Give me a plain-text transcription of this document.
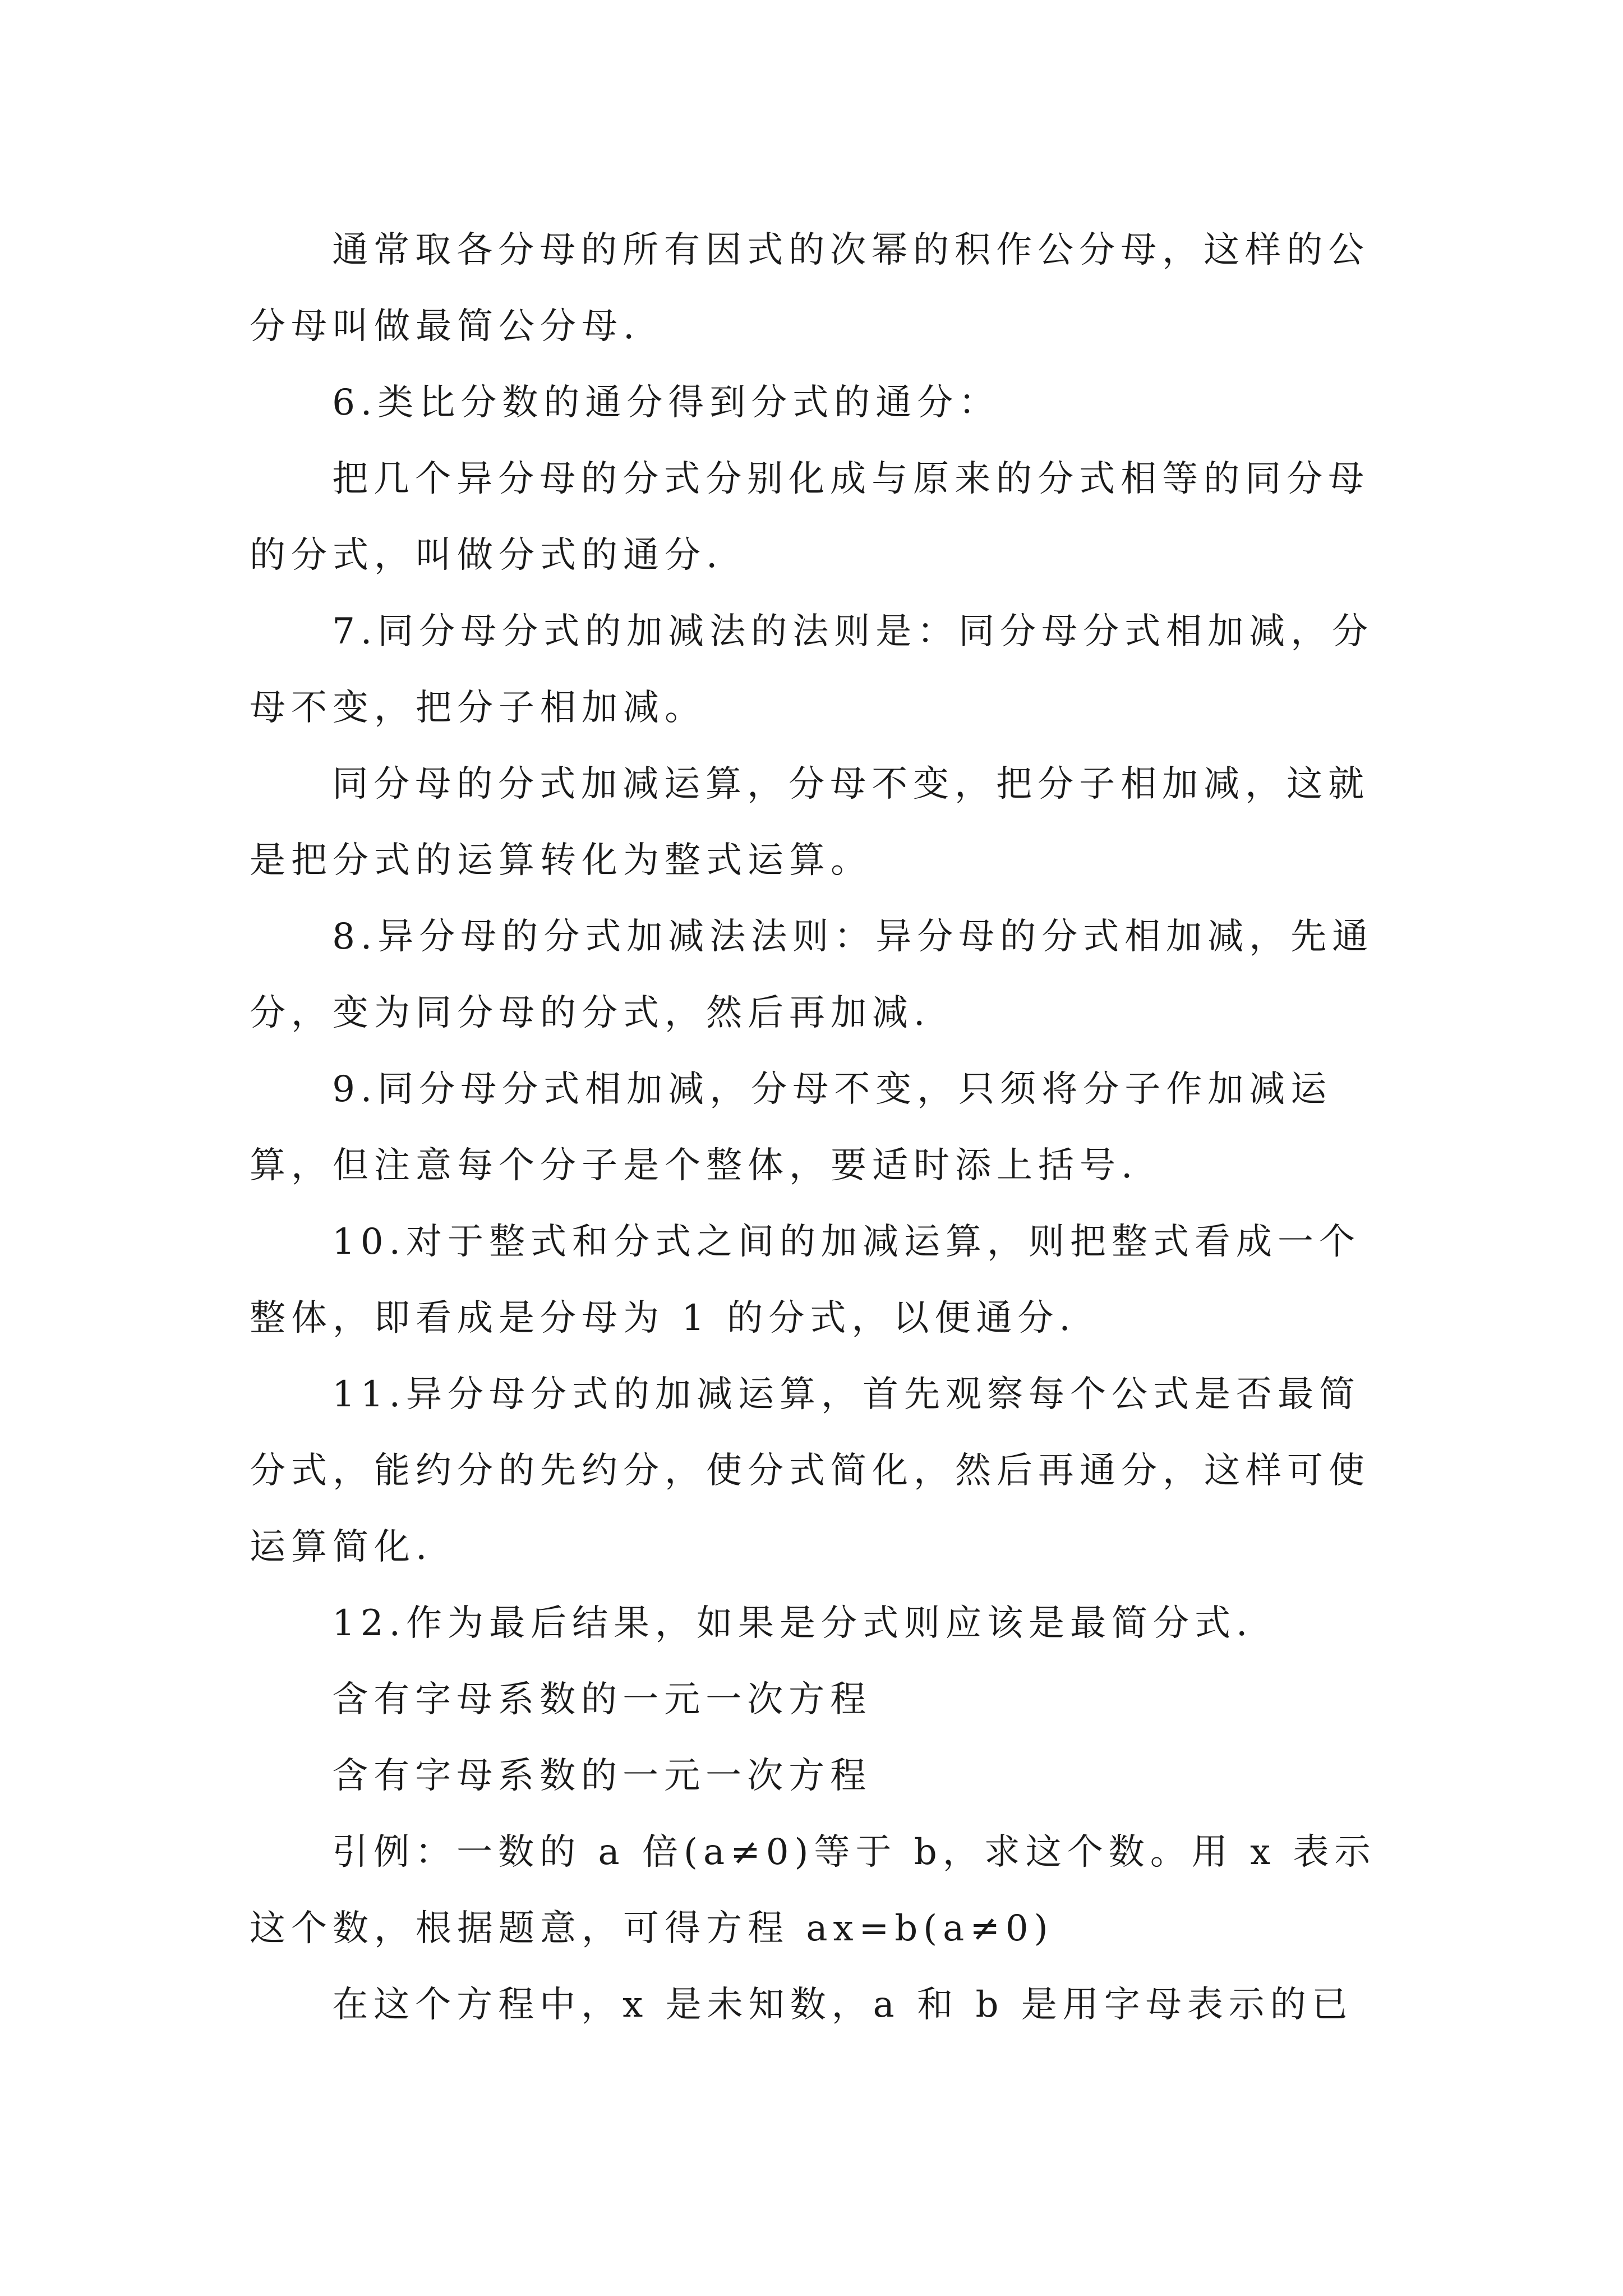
通常取各分母的所有因式的次幂的积作公分母，这样的公分母叫做最简公分母.

6.类比分数的通分得到分式的通分：

把几个异分母的分式分别化成与原来的分式相等的同分母的分式，叫做分式的通分.

7.同分母分式的加减法的法则是：同分母分式相加减，分母不变，把分子相加减。

同分母的分式加减运算，分母不变，把分子相加减，这就是把分式的运算转化为整式运算。

8.异分母的分式加减法法则：异分母的分式相加减，先通分，变为同分母的分式，然后再加减.

9.同分母分式相加减，分母不变，只须将分子作加减运算，但注意每个分子是个整体，要适时添上括号.

10.对于整式和分式之间的加减运算，则把整式看成一个整体，即看成是分母为 1 的分式，以便通分.

11.异分母分式的加减运算，首先观察每个公式是否最简分式，能约分的先约分，使分式简化，然后再通分，这样可使运算简化.

12.作为最后结果，如果是分式则应该是最简分式.

含有字母系数的一元一次方程

含有字母系数的一元一次方程

引例：一数的 a 倍(a≠0)等于 b，求这个数。用 x 表示这个数，根据题意，可得方程 ax=b(a≠0)

在这个方程中，x 是未知数，a 和 b 是用字母表示的已
